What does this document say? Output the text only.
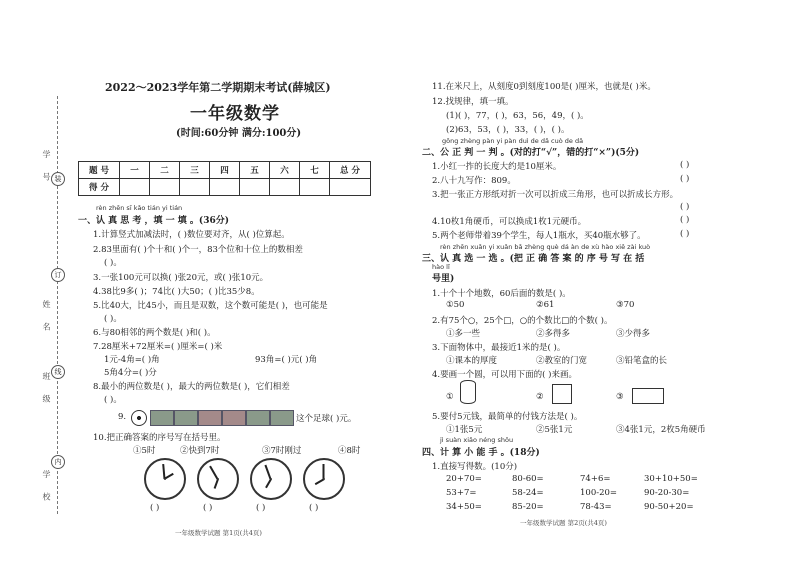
学 号
姓 名
班 级
学 校
装
订
线
内
2022～2023学年第二学期期末考试(薛城区)
一年级数学
(时间:60分钟 满分:100分)
题 号	一	二	三	四	五	六	七	总 分
得 分								
rèn zhēn sī kǎo tián yi tián
一、认 真 思 考 ，填 一 填 。(36分)
1.计算竖式加减法时，( )数位要对齐，从( )位算起。
2.83里面有( )个十和( )个一，83个位和十位上的数相差
( )。
3.一张100元可以换( )张20元，或( )张10元。
4.38比9多( )；74比( )大50；( )比35少8。
5.比40大，比45小，而且是双数，这个数可能是( )，也可能是
( )。
6.与80相邻的两个数是( )和( )。
7.28厘米+72厘米=( )厘米=( )米
1元-4角=( )角	93角=( )元( )角
5角4分=( )分
8.最小的两位数是( )，最大的两位数是( )，它们相差
( )。
9.	这个足球( )元。
10.把正确答案的序号写在括号里。
①5时	②快到7时	③7时刚过	④8时
( )	( )	( )	( )
一年级数学试题 第1页(共4页)
11.在米尺上，从刻度0到刻度100是( )厘米，也就是( )米。
12.找规律，填一填。
(1)( )，77，( )，63，56，49，( )。
(2)63，53，( )，33，( )，( )。
gōng zhèng pàn yi pàn duì de dǎ cuò de dǎ
二、公 正 判 一 判 。(对的打“√”，错的打“×”)(5分)
1.小红一拃的长度大约是10厘米。	( )
2.八十九写作：809。	( )
3.把一张正方形纸对折一次可以折成三角形，也可以折成长方形。
( )
4.10枚1角硬币，可以换成1枚1元硬币。	( )
5.两个老师带着39个学生，每人1瓶水，买40瓶水够了。	( )
rèn zhēn xuǎn yi xuǎn bǎ zhèng què dá àn de xù hào xiě zài kuò
三、认 真 选 一 选 。(把 正 确 答 案 的 序 号 写 在 括
hào lǐ
号里)
1.十个十个地数，60后面的数是( )。
①50	②61	③70
2.有75个○，25个□，○的个数比□的个数( )。
①多一些	②多得多	③少得多
3.下面物体中，最接近1米的是( )。
①课本的厚度	②教室的门宽	③铅笔盒的长
4.要画一个圆，可以用下面的( )来画。
①	②	③
5.要付5元钱，最简单的付钱方法是( )。
①1张5元	②5张1元	③4张1元，2枚5角硬币
jì suàn xiǎo néng shǒu
四、计 算 小 能 手 。(18分)
1.直接写得数。(10分)
20+70=	80-60=	74+6=	30+10+50=
53+7=	58-24=	100-20=	90-20-30=
34+50=	85-20=	78-43=	90-50+20=
一年级数学试题 第2页(共4页)
